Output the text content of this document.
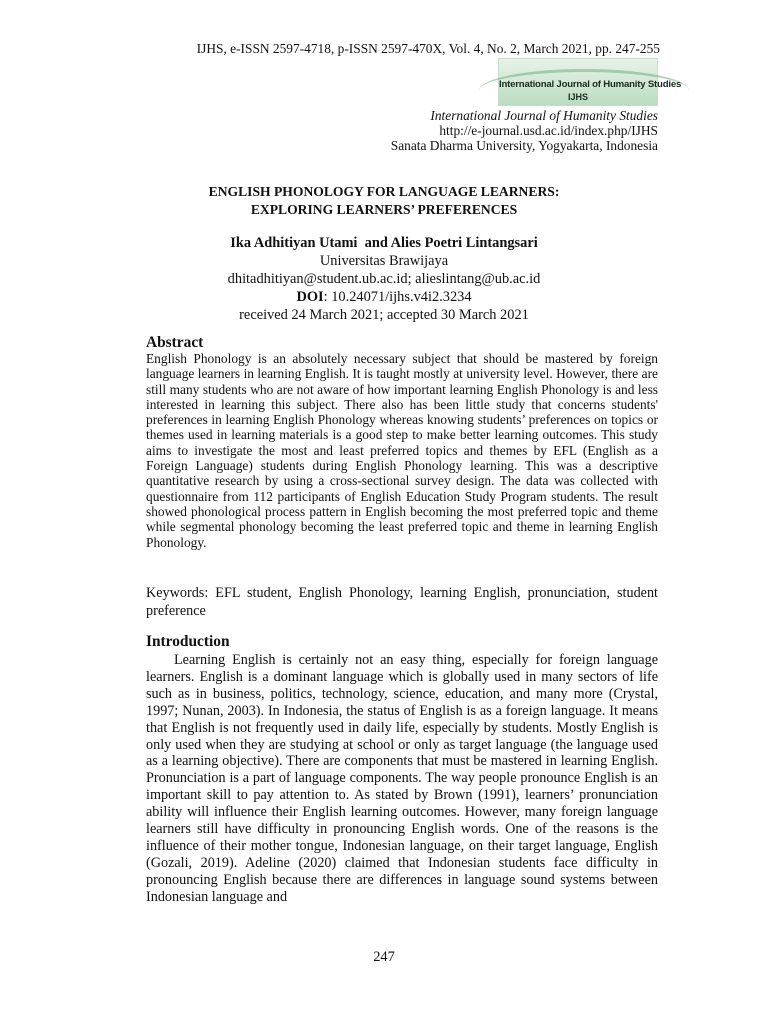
IJHS, e-ISSN 2597-4718, p-ISSN 2597-470X, Vol. 4, No. 2, March 2021, pp. 247-255
International Journal of Humanity Studies
IJHS
International Journal of Humanity Studies
http://e-journal.usd.ac.id/index.php/IJHS
Sanata Dharma University, Yogyakarta, Indonesia
ENGLISH PHONOLOGY FOR LANGUAGE LEARNERS:
EXPLORING LEARNERS’ PREFERENCES
Ika Adhitiyan Utami  and Alies Poetri Lintangsari
Universitas Brawijaya
dhitadhitiyan@student.ub.ac.id; alieslintang@ub.ac.id
DOI: 10.24071/ijhs.v4i2.3234
received 24 March 2021; accepted 30 March 2021
Abstract
English Phonology is an absolutely necessary subject that should be mastered by foreign language learners in learning English. It is taught mostly at university level. However, there are still many students who are not aware of how important learning English Phonology is and less interested in learning this subject. There also has been little study that concerns students' preferences in learning English Phonology whereas knowing students’ preferences on topics or themes used in learning materials is a good step to make better learning outcomes. This study aims to investigate the most and least preferred topics and themes by EFL (English as a Foreign Language) students during English Phonology learning. This was a descriptive quantitative research by using a cross-sectional survey design. The data was collected with questionnaire from 112 participants of English Education Study Program students. The result showed phonological process pattern in English becoming the most preferred topic and theme while segmental phonology becoming the least preferred topic and theme in learning English Phonology.
Keywords: EFL student, English Phonology, learning English, pronunciation, student preference
Introduction
Learning English is certainly not an easy thing, especially for foreign language learners. English is a dominant language which is globally used in many sectors of life such as in business, politics, technology, science, education, and many more (Crystal, 1997; Nunan, 2003). In Indonesia, the status of English is as a foreign language. It means that English is not frequently used in daily life, especially by students. Mostly English is only used when they are studying at school or only as target language (the language used as a learning objective). There are components that must be mastered in learning English. Pronunciation is a part of language components. The way people pronounce English is an important skill to pay attention to. As stated by Brown (1991), learners’ pronunciation ability will influence their English learning outcomes. However, many foreign language learners still have difficulty in pronouncing English words. One of the reasons is the influence of their mother tongue, Indonesian language, on their target language, English (Gozali, 2019). Adeline (2020) claimed that Indonesian students face difficulty in pronouncing English because there are differences in language sound systems between Indonesian language and
247
